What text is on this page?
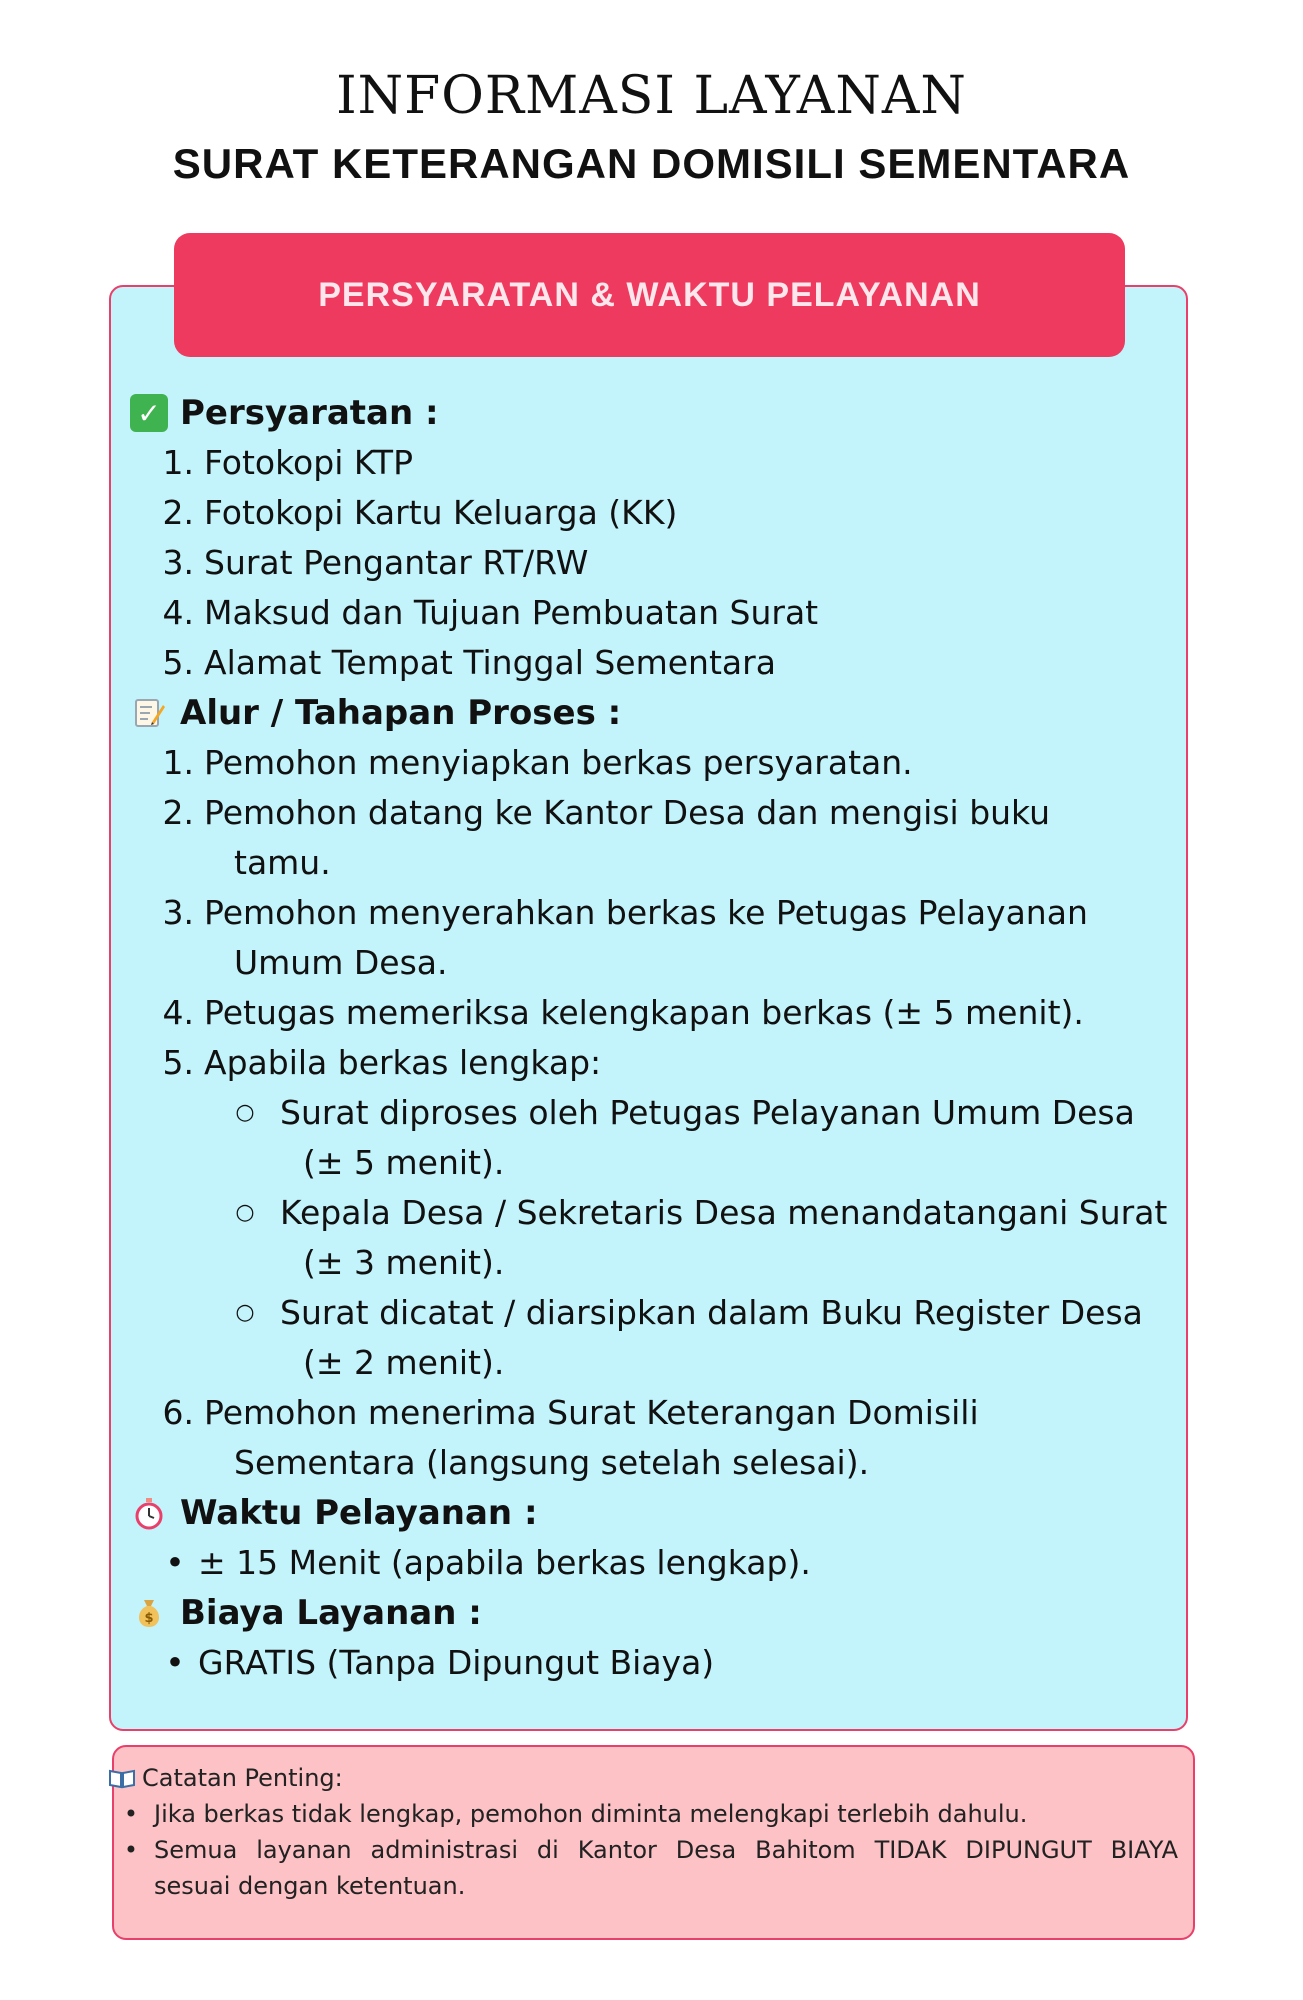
INFORMASI LAYANAN
SURAT KETERANGAN DOMISILI SEMENTARA
PERSYARATAN & WAKTU PELAYANAN
✓ Persyaratan :
1. Fotokopi KTP
2. Fotokopi Kartu Keluarga (KK)
3. Surat Pengantar RT/RW
4. Maksud dan Tujuan Pembuatan Surat
5. Alamat Tempat Tinggal Sementara
Alur / Tahapan Proses :
1. Pemohon menyiapkan berkas persyaratan.
2. Pemohon datang ke Kantor Desa dan mengisi buku
tamu.
3. Pemohon menyerahkan berkas ke Petugas Pelayanan
Umum Desa.
4. Petugas memeriksa kelengkapan berkas (± 5 menit).
5. Apabila berkas lengkap:
○ Surat diproses oleh Petugas Pelayanan Umum Desa
(± 5 menit).
○ Kepala Desa / Sekretaris Desa menandatangani Surat
(± 3 menit).
○ Surat dicatat / diarsipkan dalam Buku Register Desa
(± 2 menit).
6. Pemohon menerima Surat Keterangan Domisili
Sementara (langsung setelah selesai).
Waktu Pelayanan :
• ± 15 Menit (apabila berkas lengkap).
$ Biaya Layanan :
• GRATIS (Tanpa Dipungut Biaya)
Catatan Penting:
• Jika berkas tidak lengkap, pemohon diminta melengkapi terlebih dahulu.
• Semua layanan administrasi di Kantor Desa Bahitom TIDAK DIPUNGUT BIAYA
sesuai dengan ketentuan.
